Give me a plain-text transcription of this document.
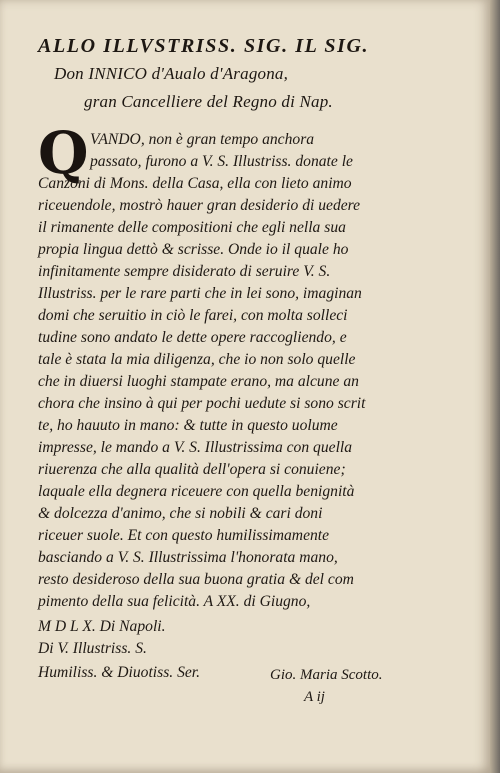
ALLO ILLVSTRISS. SIG. IL SIG.
Don INNICO d'Aualo d'Aragona,
gran Cancelliere del Regno di Nap.
Q VANDO, non è gran tempo anchora
passato, furono a V. S. Illustriss. donate le
Canzoni di Mons. della Casa, ella con lieto animo
riceuendole, mostrò hauer gran desiderio di uedere
il rimanente delle compositioni che egli nella sua
propia lingua dettò & scrisse. Onde io il quale ho
infinitamente sempre disiderato di seruire V. S.
Illustriss. per le rare parti che in lei sono, imaginan
domi che seruitio in ciò le farei, con molta solleci
tudine sono andato le dette opere raccogliendo, e
tale è stata la mia diligenza, che io non solo quelle
che in diuersi luoghi stampate erano, ma alcune an
chora che insino à qui per pochi uedute si sono scrit
te, ho hauuto in mano: & tutte in questo uolume
impresse, le mando a V. S. Illustrissima con quella
riuerenza che alla qualità dell'opera si conuiene;
laquale ella degnera riceuere con quella benignità
& dolcezza d'animo, che si nobili & cari doni
riceuer suole. Et con questo humilissimamente
basciando a V. S. Illustrissima l'honorata mano,
resto desideroso della sua buona gratia & del com
pimento della sua felicità. A XX. di Giugno,
M D L X. Di Napoli.
Di V. Illustriss. S.
Humiliss. & Diuotiss. Ser.	Gio. Maria Scotto.
A ij
